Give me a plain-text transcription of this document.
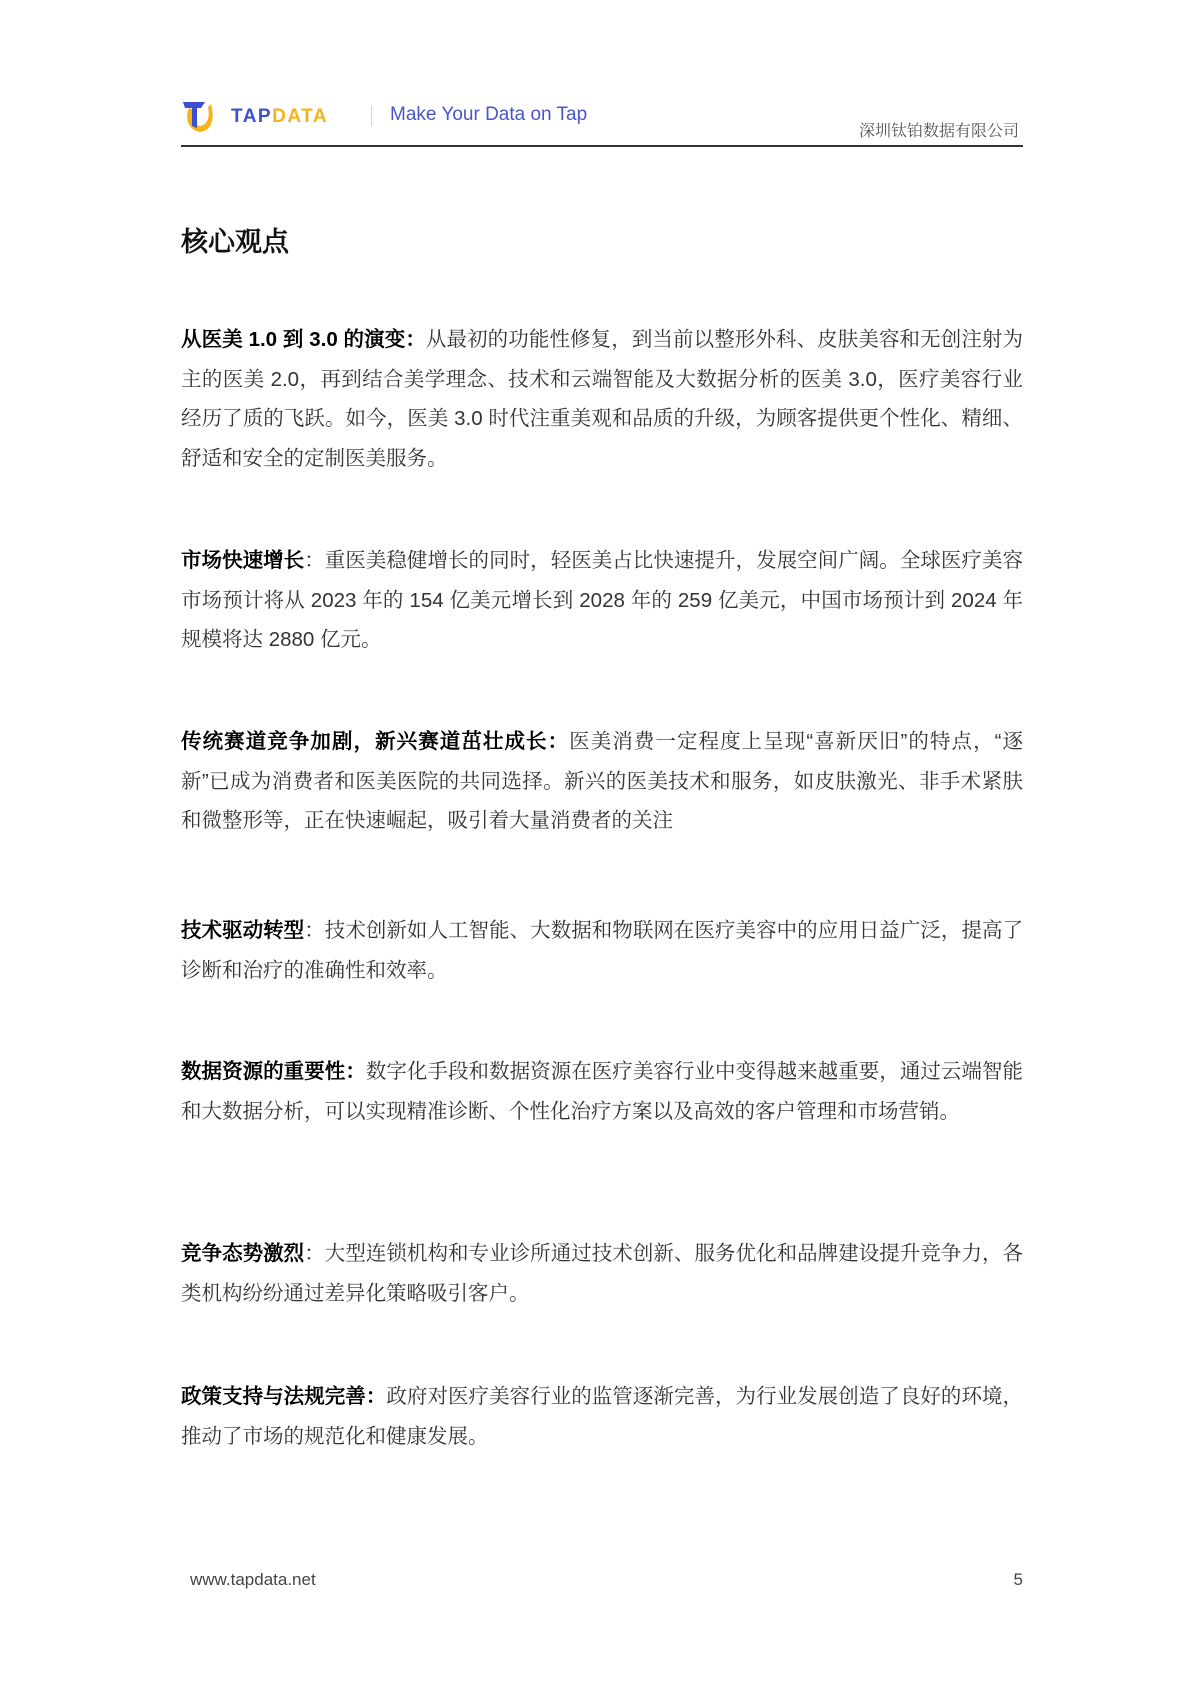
TAPDATA	Make Your Data on Tap
深圳钛铂数据有限公司
核心观点
从医美 1.0 到 3.0 的演变：从最初的功能性修复，到当前以整形外科、皮肤美容和无创注射为主的医美 2.0，再到结合美学理念、技术和云端智能及大数据分析的医美 3.0，医疗美容行业经历了质的飞跃。如今，医美 3.0 时代注重美观和品质的升级，为顾客提供更个性化、精细、舒适和安全的定制医美服务。
市场快速增长：重医美稳健增长的同时，轻医美占比快速提升，发展空间广阔。全球医疗美容市场预计将从 2023 年的 154 亿美元增长到 2028 年的 259 亿美元，中国市场预计到 2024 年规模将达 2880 亿元。
传统赛道竞争加剧，新兴赛道茁壮成长：医美消费一定程度上呈现“喜新厌旧”的特点，“逐新”已成为消费者和医美医院的共同选择。新兴的医美技术和服务，如皮肤激光、非手术紧肤和微整形等，正在快速崛起，吸引着大量消费者的关注
技术驱动转型：技术创新如人工智能、大数据和物联网在医疗美容中的应用日益广泛，提高了诊断和治疗的准确性和效率。
数据资源的重要性：数字化手段和数据资源在医疗美容行业中变得越来越重要，通过云端智能和大数据分析，可以实现精准诊断、个性化治疗方案以及高效的客户管理和市场营销。
竞争态势激烈：大型连锁机构和专业诊所通过技术创新、服务优化和品牌建设提升竞争力，各类机构纷纷通过差异化策略吸引客户。
政策支持与法规完善：政府对医疗美容行业的监管逐渐完善，为行业发展创造了良好的环境，推动了市场的规范化和健康发展。
www.tapdata.net	5
